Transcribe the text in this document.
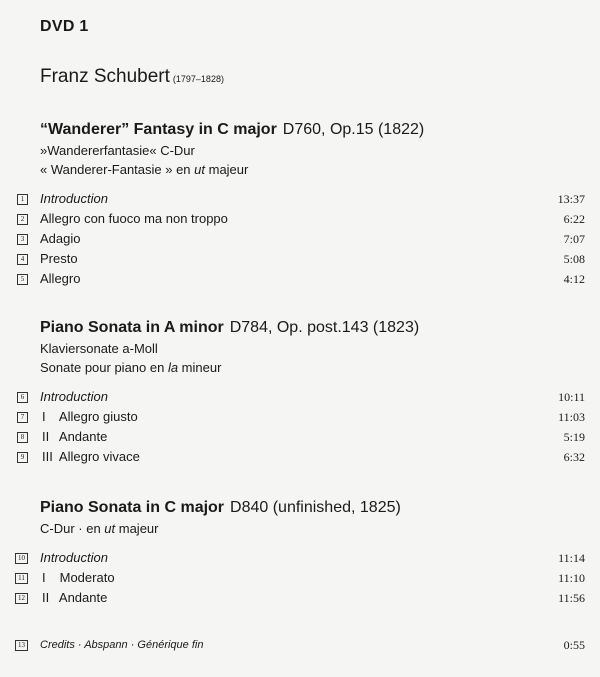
DVD 1
Franz Schubert (1797–1828)
“Wanderer” Fantasy in C major D760, Op.15 (1822)
»Wandererfantasie« C-Dur
« Wanderer-Fantasie » en ut majeur
1 Introduction	13:37
2 Allegro con fuoco ma non troppo	6:22
3 Adagio	7:07
4 Presto	5:08
5 Allegro	4:12
Piano Sonata in A minor D784, Op. post.143 (1823)
Klaviersonate a-Moll
Sonate pour piano en la mineur
6 Introduction	10:11
7 I Allegro giusto	11:03
8 II Andante	5:19
9 III Allegro vivace	6:32
Piano Sonata in C major D840 (unfinished, 1825)
C-Dur · en ut majeur
10 Introduction	11:14
11 I Moderato	11:10
12 II Andante	11:56
13 Credits · Abspann · Générique fin	0:55
